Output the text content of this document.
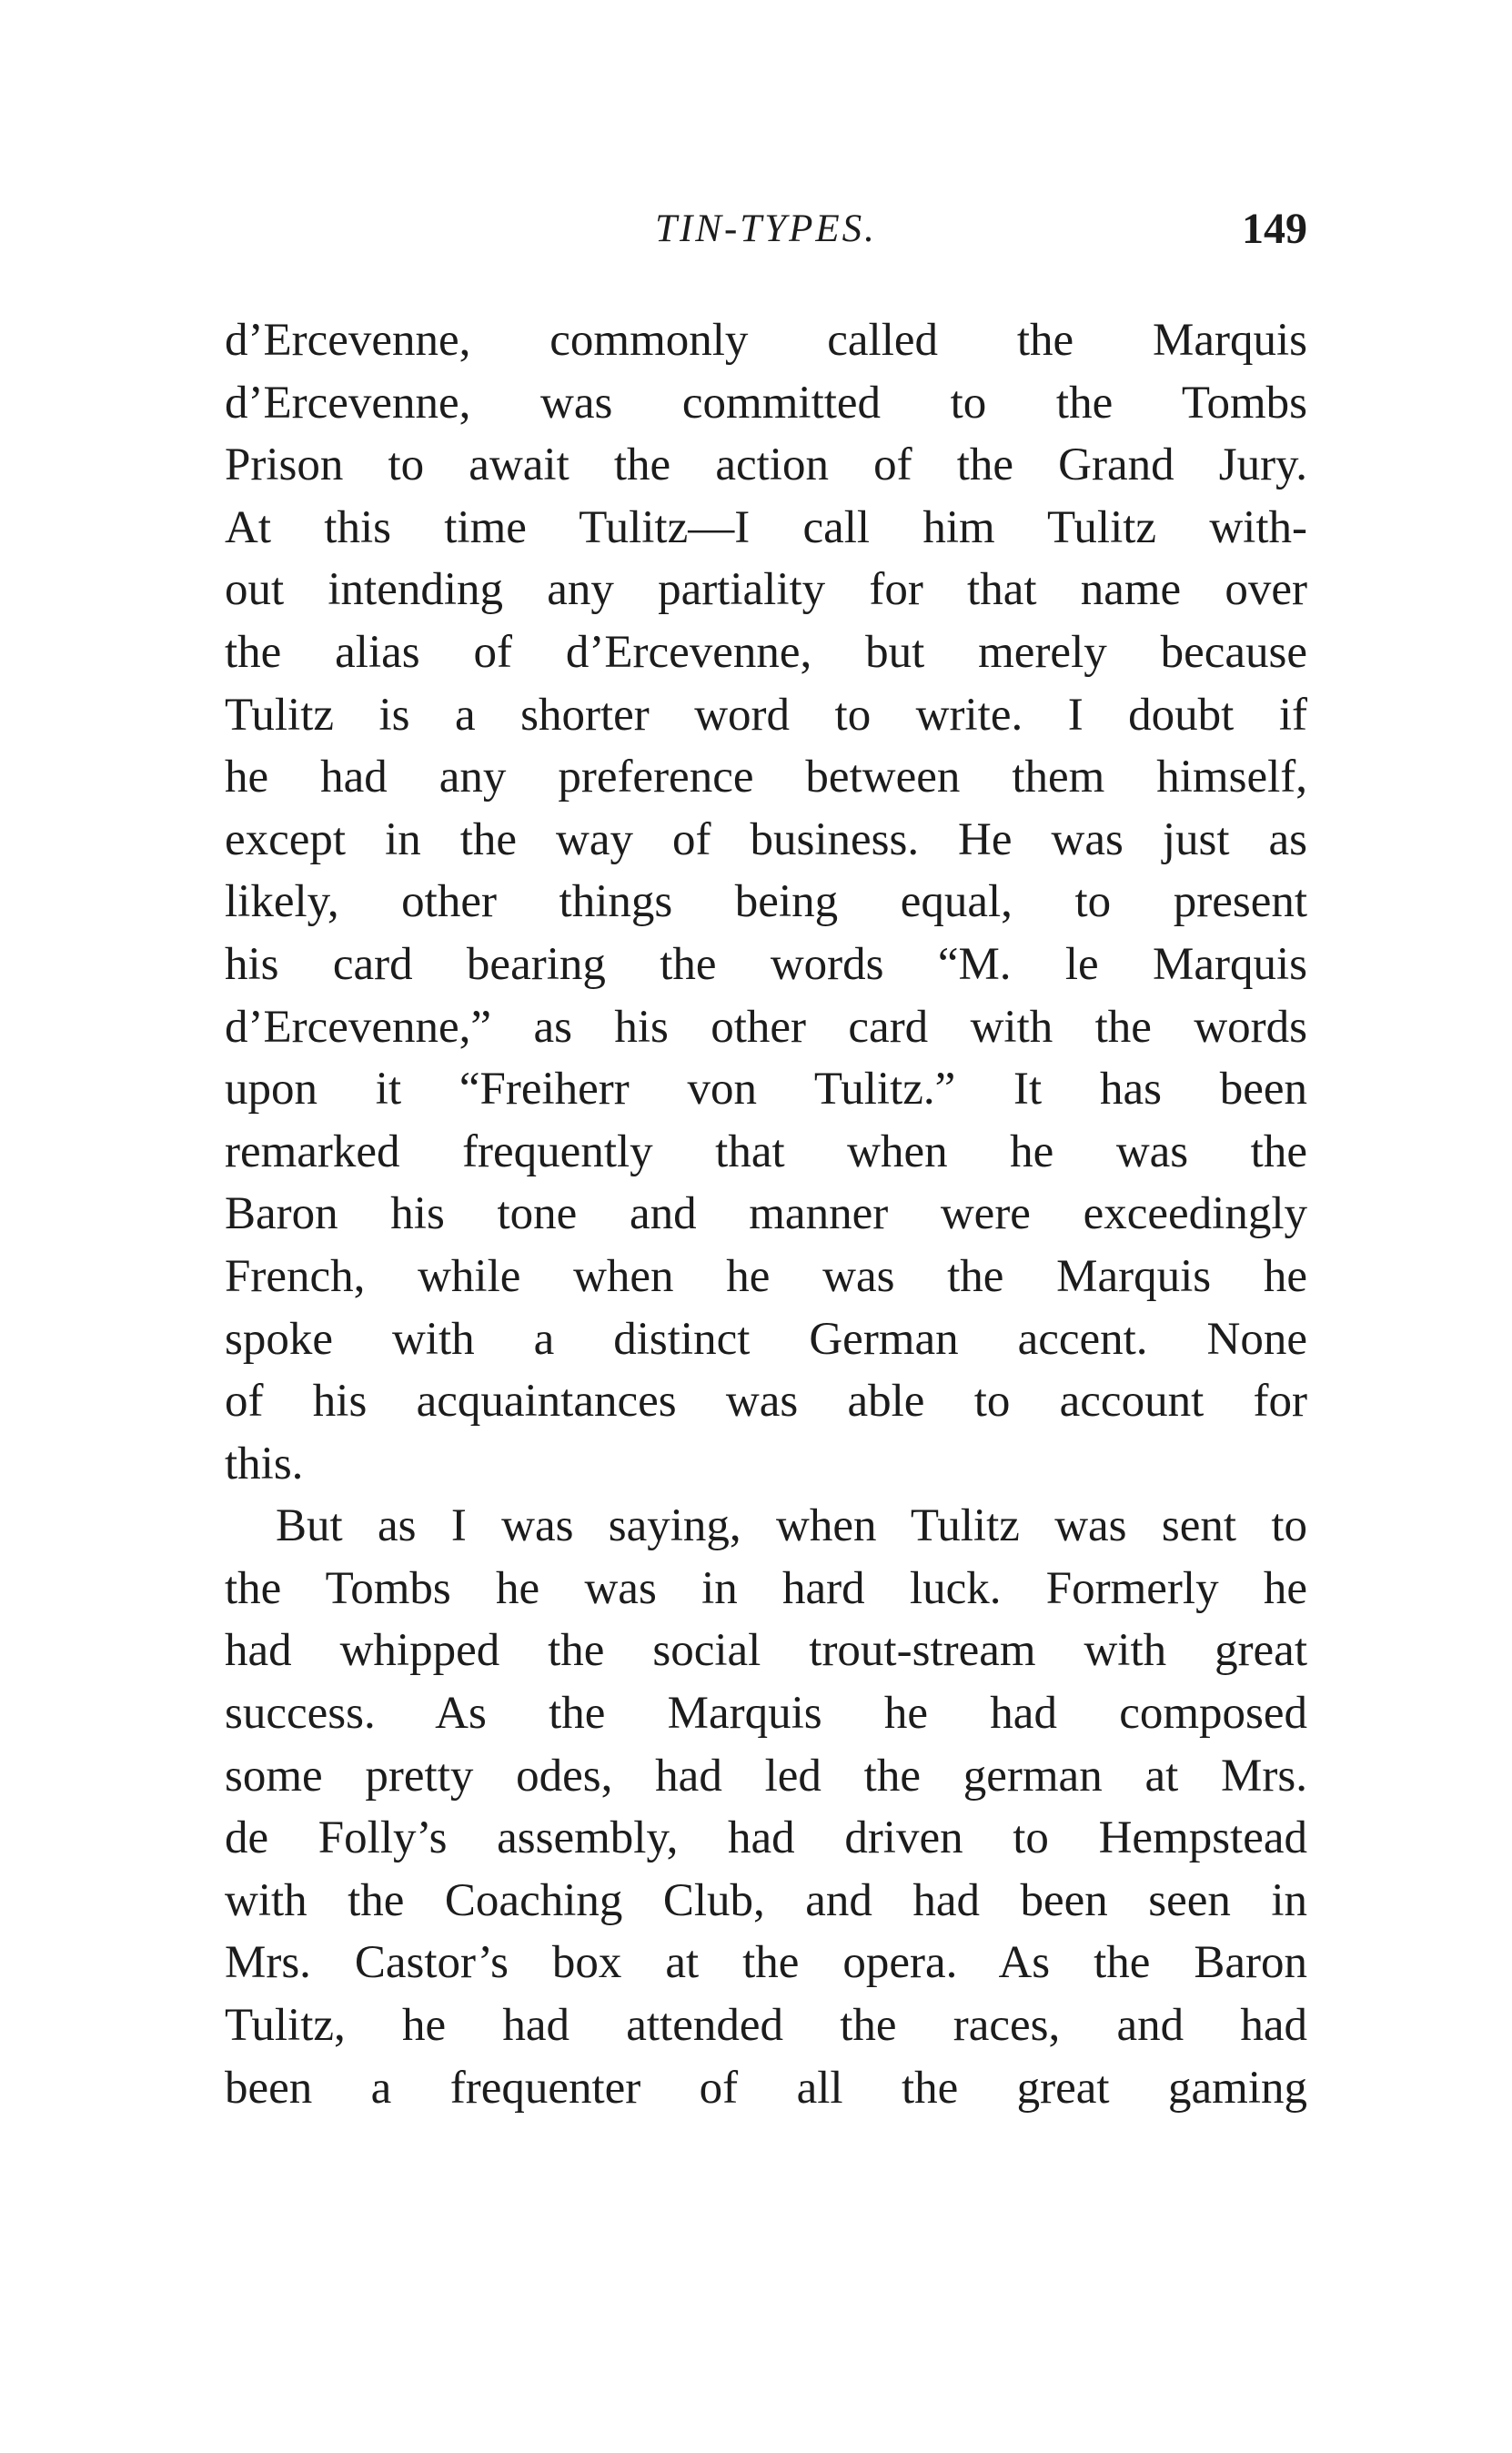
TIN-TYPES.	149
d’Ercevenne, commonly called the Marquis
d’Ercevenne, was committed to the Tombs
Prison to await the action of the Grand Jury.
At this time Tulitz—I call him Tulitz with-
out intending any partiality for that name over
the alias of d’Ercevenne, but merely because
Tulitz is a shorter word to write. I doubt if
he had any preference between them himself,
except in the way of business. He was just as
likely, other things being equal, to present
his card bearing the words “M. le Marquis
d’Ercevenne,” as his other card with the words
upon it “Freiherr von Tulitz.” It has been
remarked frequently that when he was the
Baron his tone and manner were exceedingly
French, while when he was the Marquis he
spoke with a distinct German accent. None
of his acquaintances was able to account for
this.
But as I was saying, when Tulitz was sent to
the Tombs he was in hard luck. Formerly he
had whipped the social trout-stream with great
success. As the Marquis he had composed
some pretty odes, had led the german at Mrs.
de Folly’s assembly, had driven to Hempstead
with the Coaching Club, and had been seen in
Mrs. Castor’s box at the opera. As the Baron
Tulitz, he had attended the races, and had
been a frequenter of all the great gaming
